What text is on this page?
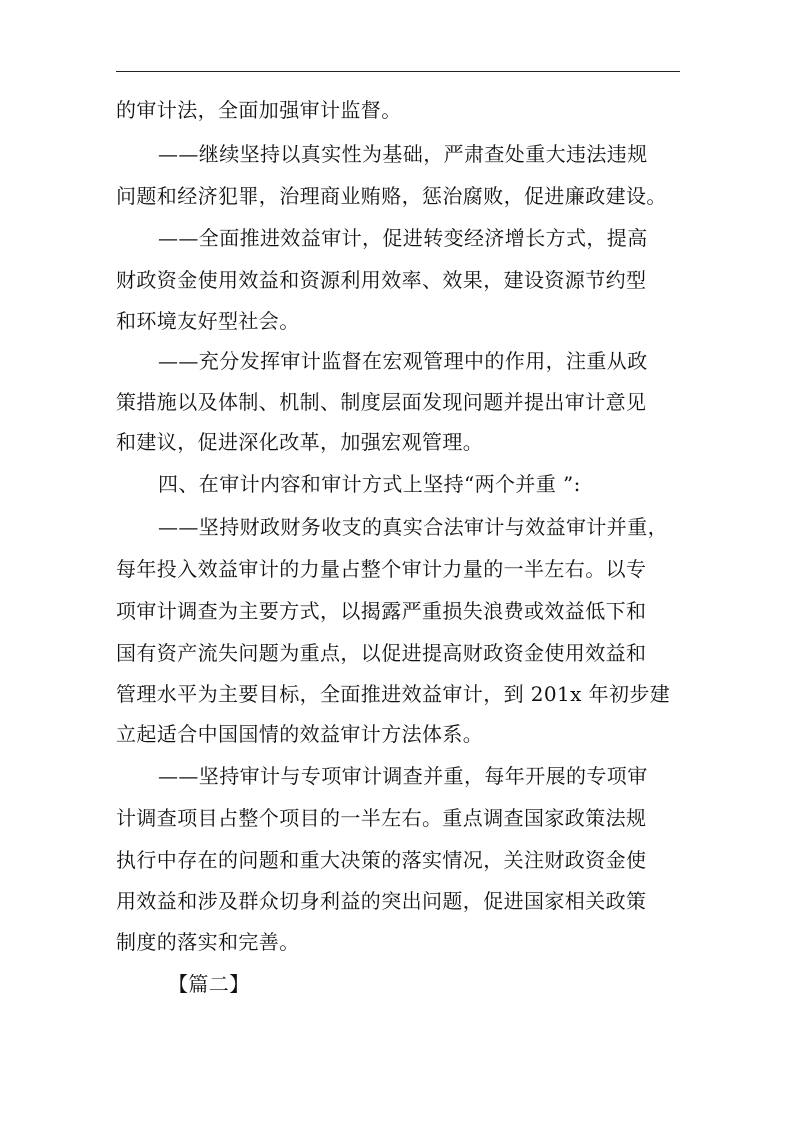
的审计法，全面加强审计监督。

——继续坚持以真实性为基础，严肃查处重大违法违规

问题和经济犯罪，治理商业贿赂，惩治腐败，促进廉政建设。

——全面推进效益审计，促进转变经济增长方式，提高

财政资金使用效益和资源利用效率、效果，建设资源节约型

和环境友好型社会。

——充分发挥审计监督在宏观管理中的作用，注重从政

策措施以及体制、机制、制度层面发现问题并提出审计意见

和建议，促进深化改革，加强宏观管理。

四、在审计内容和审计方式上坚持“两个并重 ”:

——坚持财政财务收支的真实合法审计与效益审计并重，

每年投入效益审计的力量占整个审计力量的一半左右。以专

项审计调查为主要方式，以揭露严重损失浪费或效益低下和

国有资产流失问题为重点，以促进提高财政资金使用效益和

管理水平为主要目标，全面推进效益审计，到 201x 年初步建

立起适合中国国情的效益审计方法体系。

——坚持审计与专项审计调查并重，每年开展的专项审

计调查项目占整个项目的一半左右。重点调查国家政策法规

执行中存在的问题和重大决策的落实情况，关注财政资金使

用效益和涉及群众切身利益的突出问题，促进国家相关政策

制度的落实和完善。

【篇二】
